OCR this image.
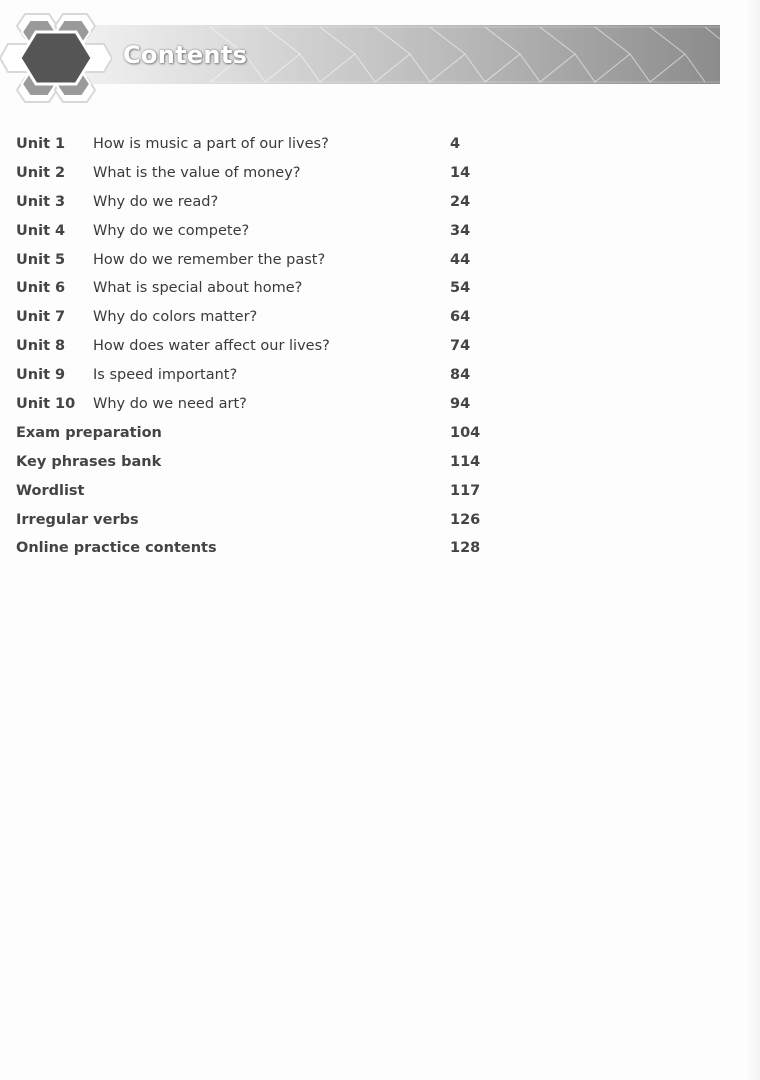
Contents
Unit 1 How is music a part of our lives?	4
Unit 2 What is the value of money?	14
Unit 3 Why do we read?	24
Unit 4 Why do we compete?	34
Unit 5 How do we remember the past?	44
Unit 6 What is special about home?	54
Unit 7 Why do colors matter?	64
Unit 8 How does water affect our lives?	74
Unit 9 Is speed important?	84
Unit 10 Why do we need art?	94
Exam preparation	104
Key phrases bank	114
Wordlist	117
Irregular verbs	126
Online practice contents	128
